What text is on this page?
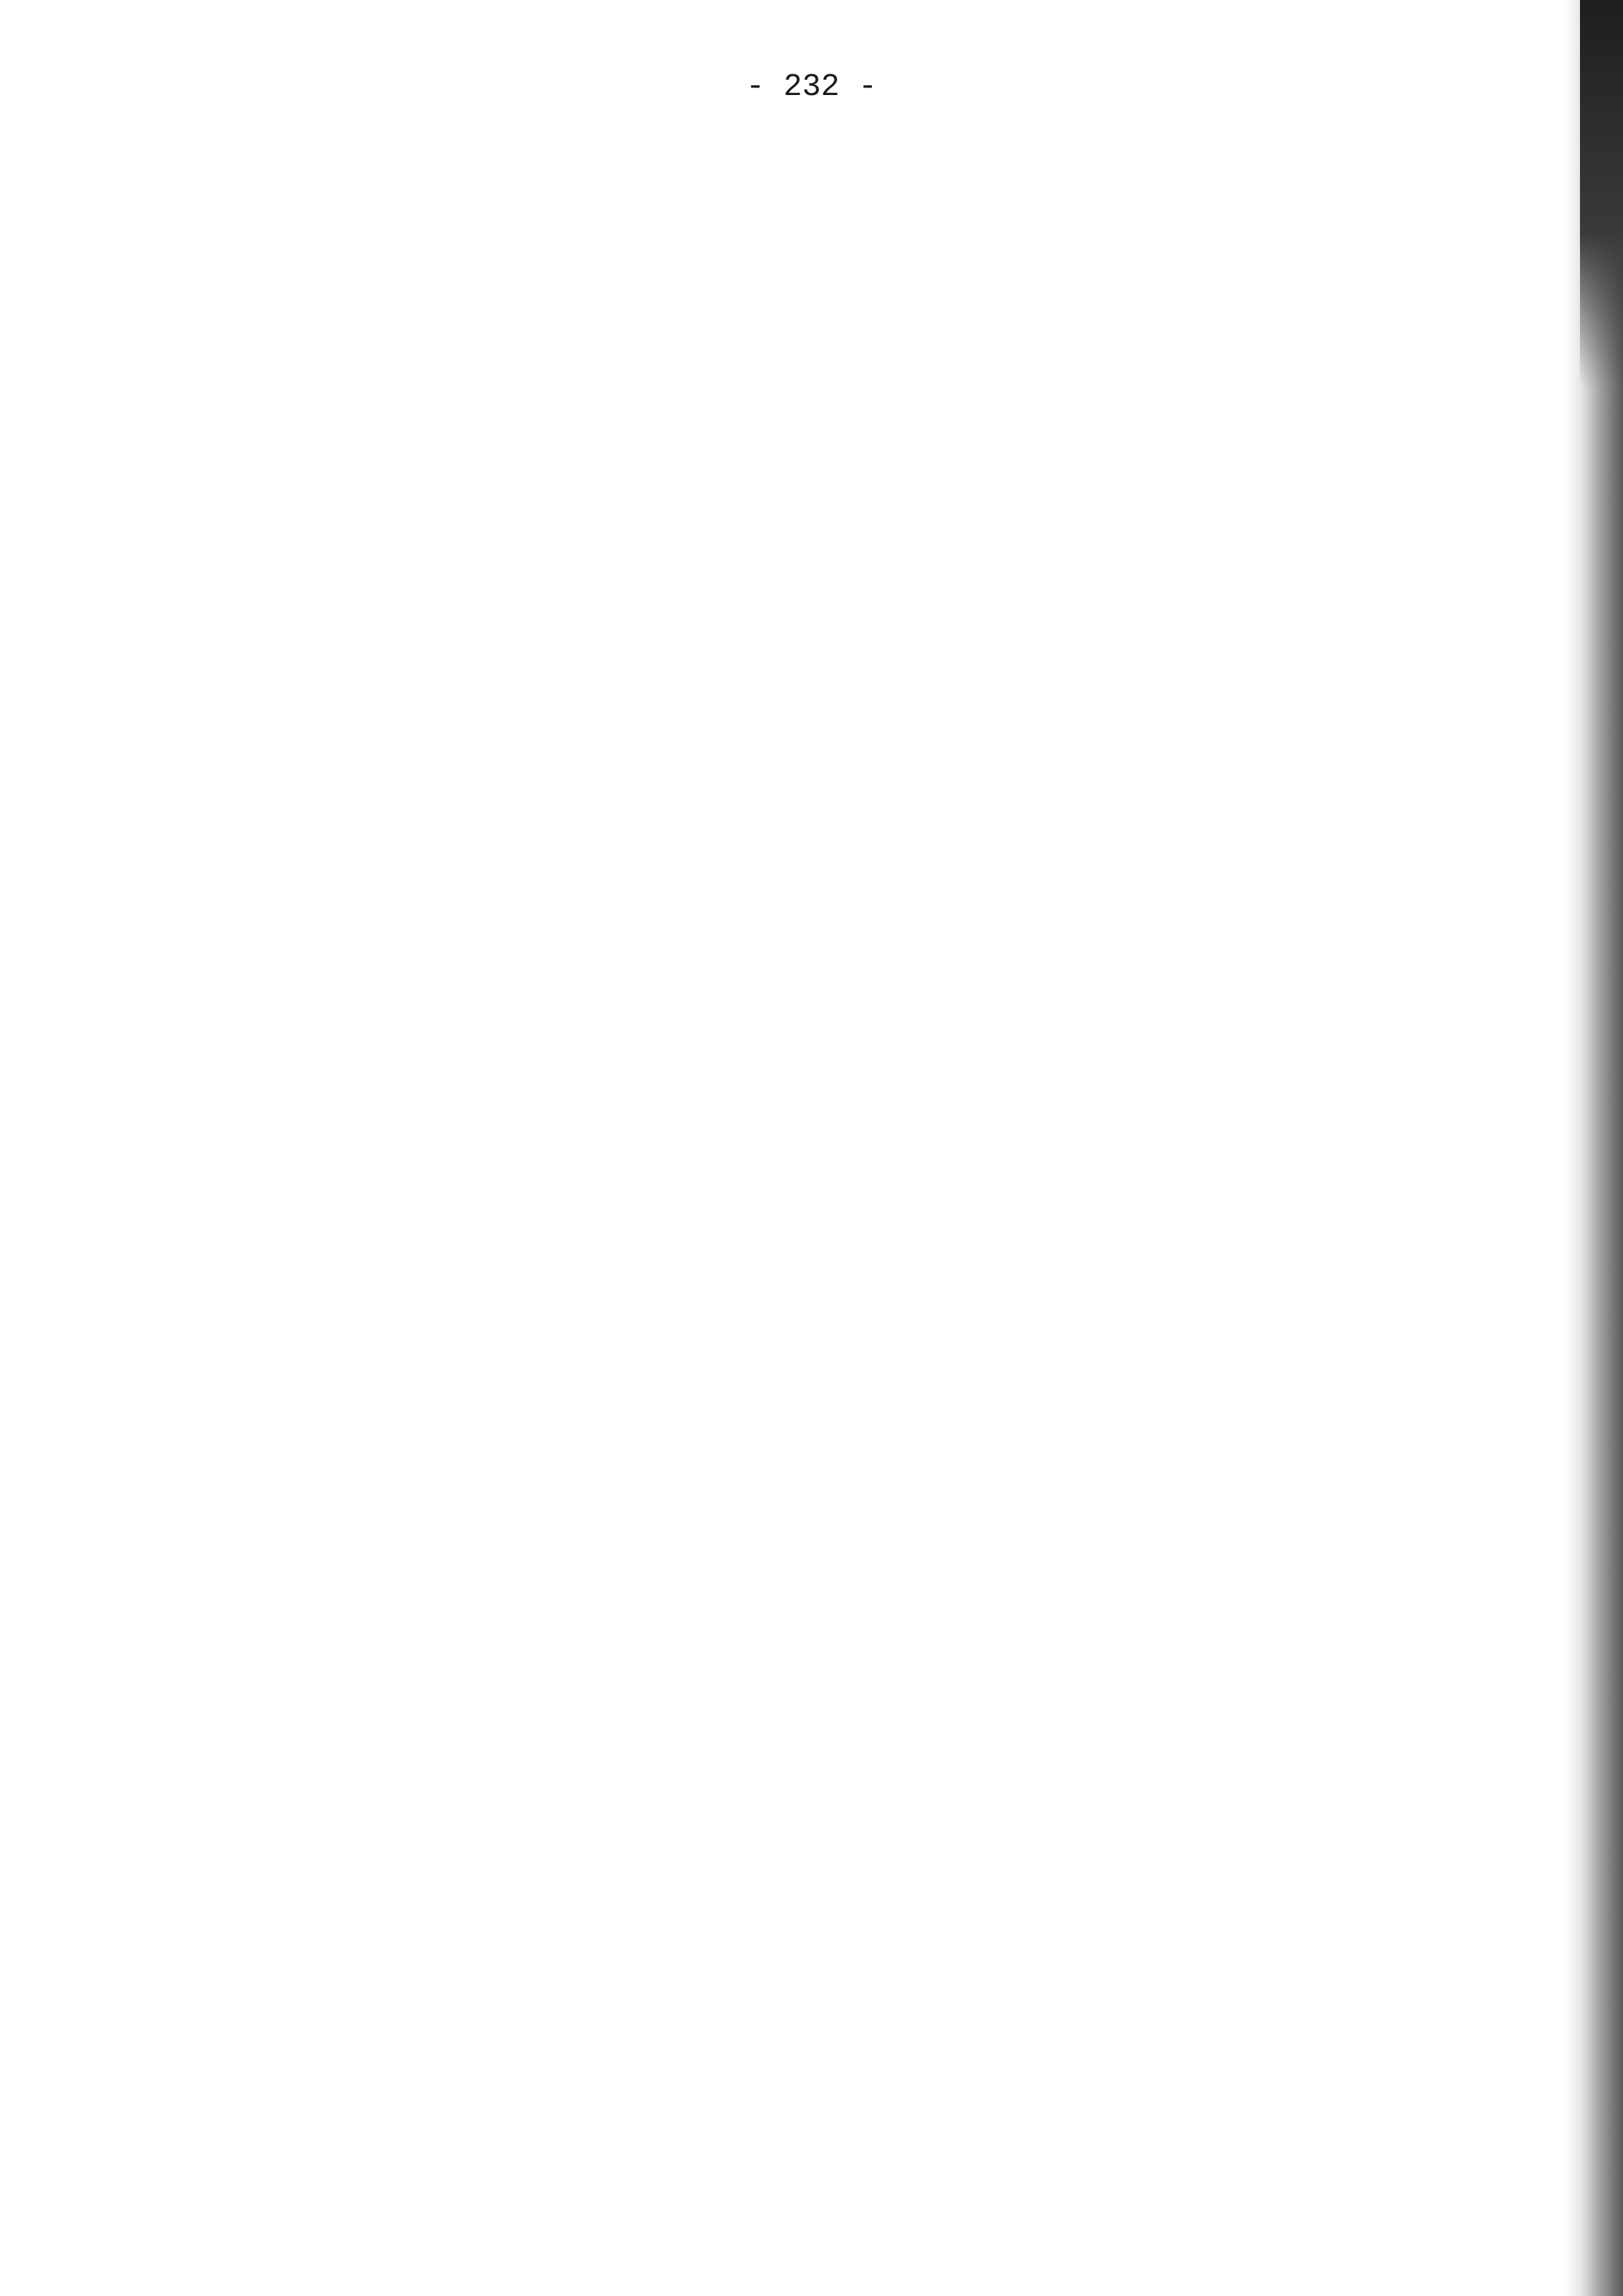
- 232 -
